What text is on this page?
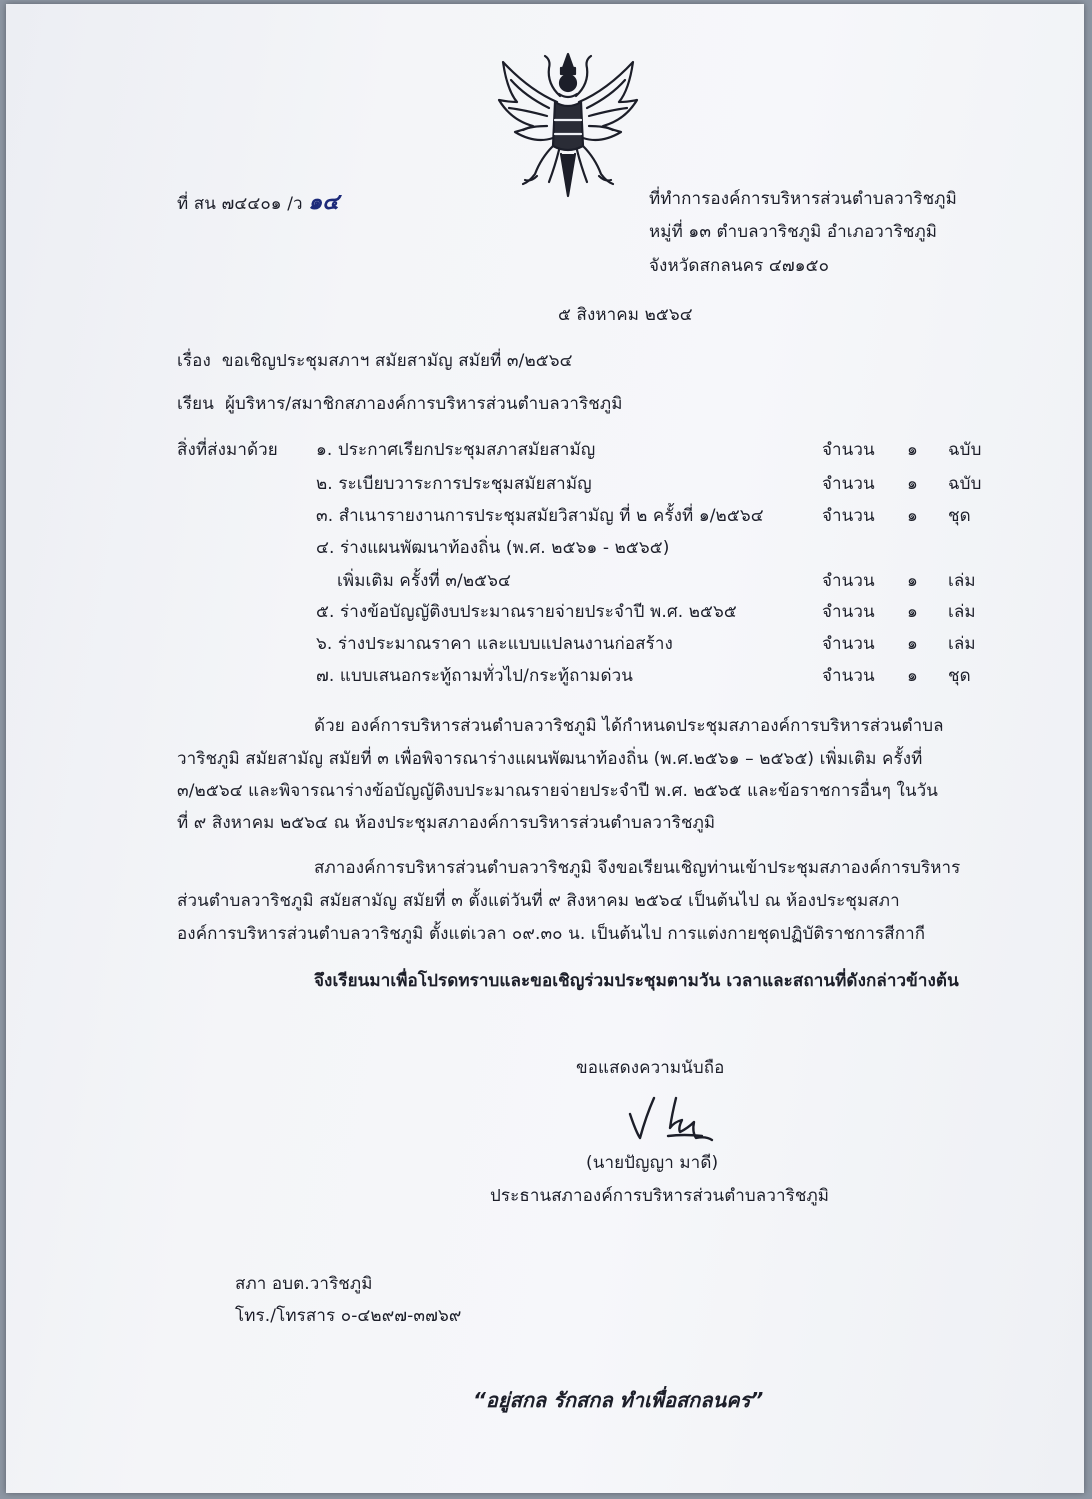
ที่ สน ๗๔๔๐๑ /ว ๑๔	ที่ทำการองค์การบริหารส่วนตำบลวาริชภูมิ
หมู่ที่ ๑๓ ตำบลวาริชภูมิ อำเภอวาริชภูมิ
จังหวัดสกลนคร ๔๗๑๕๐
๕ สิงหาคม ๒๕๖๔
เรื่อง ขอเชิญประชุมสภาฯ สมัยสามัญ สมัยที่ ๓/๒๕๖๔
เรียน ผู้บริหาร/สมาชิกสภาองค์การบริหารส่วนตำบลวาริชภูมิ
สิ่งที่ส่งมาด้วย ๑. ประกาศเรียกประชุมสภาสมัยสามัญ	จำนวน ๑ ฉบับ
๒. ระเบียบวาระการประชุมสมัยสามัญ	จำนวน ๑ ฉบับ
๓. สำเนารายงานการประชุมสมัยวิสามัญ ที่ ๒ ครั้งที่ ๑/๒๕๖๔	จำนวน ๑ ชุด
๔. ร่างแผนพัฒนาท้องถิ่น (พ.ศ. ๒๕๖๑ - ๒๕๖๕)
เพิ่มเติม ครั้งที่ ๓/๒๕๖๔	จำนวน ๑ เล่ม
๕. ร่างข้อบัญญัติงบประมาณรายจ่ายประจำปี พ.ศ. ๒๕๖๕	จำนวน ๑ เล่ม
๖. ร่างประมาณราคา และแบบแปลนงานก่อสร้าง	จำนวน ๑ เล่ม
๗. แบบเสนอกระทู้ถามทั่วไป/กระทู้ถามด่วน	จำนวน ๑ ชุด
ด้วย องค์การบริหารส่วนตำบลวาริชภูมิ ได้กำหนดประชุมสภาองค์การบริหารส่วนตำบล
วาริชภูมิ สมัยสามัญ สมัยที่ ๓ เพื่อพิจารณาร่างแผนพัฒนาท้องถิ่น (พ.ศ.๒๕๖๑ – ๒๕๖๕) เพิ่มเติม ครั้งที่
๓/๒๕๖๔ และพิจารณาร่างข้อบัญญัติงบประมาณรายจ่ายประจำปี พ.ศ. ๒๕๖๕ และข้อราชการอื่นๆ ในวัน
ที่ ๙ สิงหาคม ๒๕๖๔ ณ ห้องประชุมสภาองค์การบริหารส่วนตำบลวาริชภูมิ
สภาองค์การบริหารส่วนตำบลวาริชภูมิ จึงขอเรียนเชิญท่านเข้าประชุมสภาองค์การบริหาร
ส่วนตำบลวาริชภูมิ สมัยสามัญ สมัยที่ ๓ ตั้งแต่วันที่ ๙ สิงหาคม ๒๕๖๔ เป็นต้นไป ณ ห้องประชุมสภา
องค์การบริหารส่วนตำบลวาริชภูมิ ตั้งแต่เวลา ๐๙.๓๐ น. เป็นต้นไป การแต่งกายชุดปฏิบัติราชการสีกากี
จึงเรียนมาเพื่อโปรดทราบและขอเชิญร่วมประชุมตามวัน เวลาและสถานที่ดังกล่าวข้างต้น
ขอแสดงความนับถือ
(นายปัญญา มาดี)
ประธานสภาองค์การบริหารส่วนตำบลวาริชภูมิ
สภา อบต.วาริชภูมิ
โทร./โทรสาร ๐-๔๒๙๗-๓๗๖๙
“อยู่สกล รักสกล ทำเพื่อสกลนคร”
